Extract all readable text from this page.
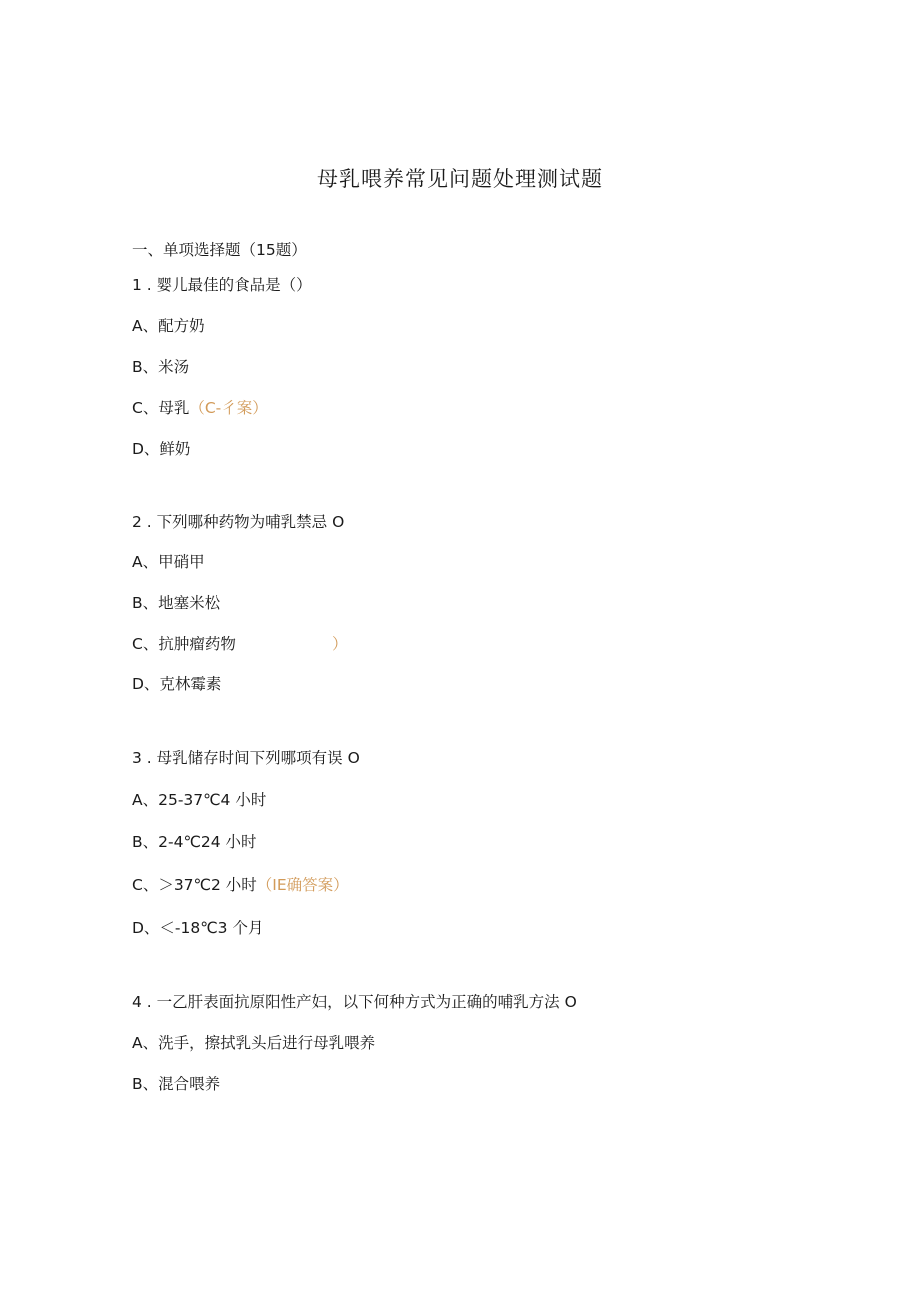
母乳喂养常见问题处理测试题
一、单项选择题（15题）
1 . 婴儿最佳的食品是（）
A、配方奶
B、米汤
C、母乳（C-彳案）
D、鲜奶
2 . 下列哪种药物为哺乳禁忌 O
A、甲硝甲
B、地塞米松
C、抗肿瘤药物	）
D、克林霉素
3 . 母乳储存时间下列哪项有误 O
A、25-37℃4 小时
B、2-4℃24 小时
C、＞37℃2 小时（IE确答案）
D、＜-18℃3 个月
4 . 一乙肝表面抗原阳性产妇，以下何种方式为正确的哺乳方法 O
A、洗手，擦拭乳头后进行母乳喂养
B、混合喂养
